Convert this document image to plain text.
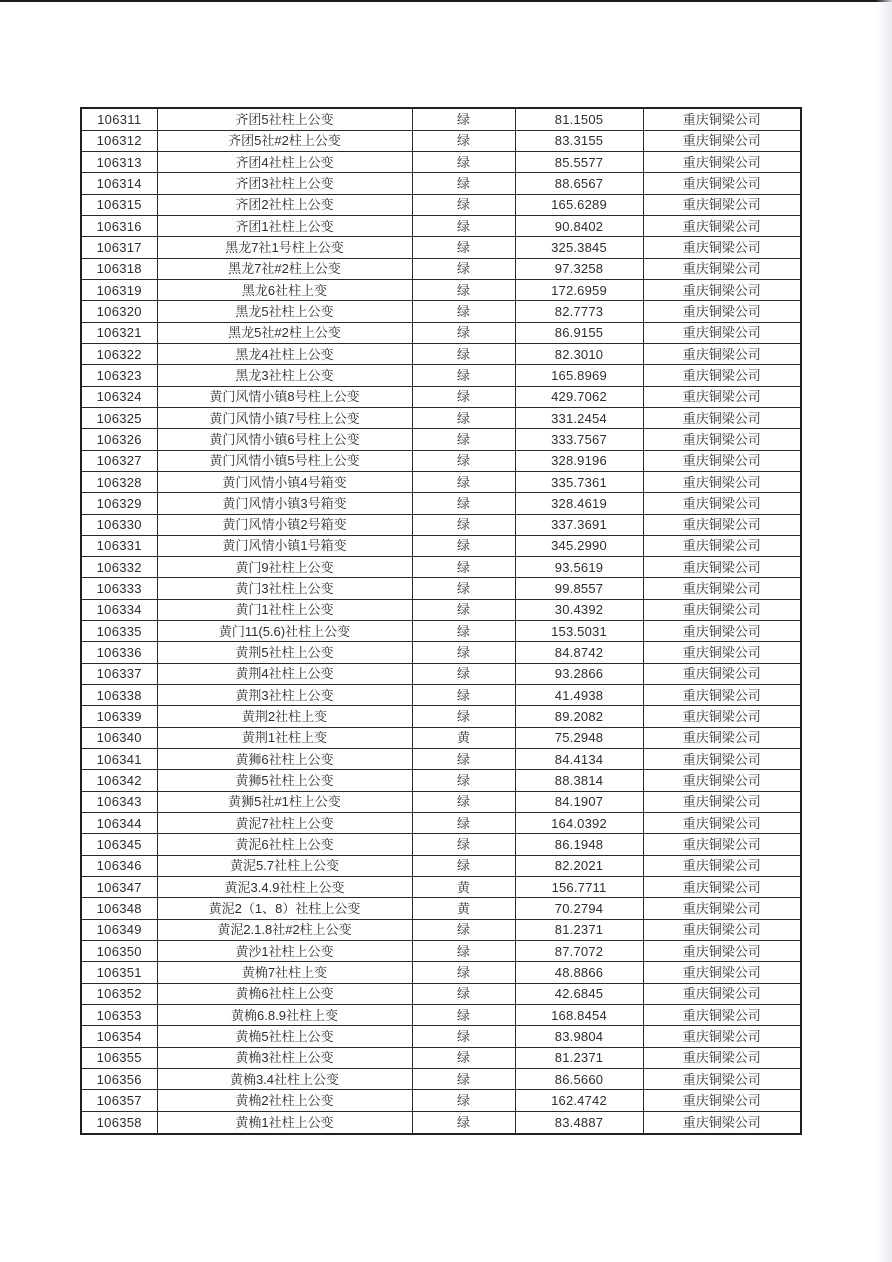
106311	齐团5社柱上公变	绿	81.1505	重庆铜梁公司
106312	齐团5社#2柱上公变	绿	83.3155	重庆铜梁公司
106313	齐团4社柱上公变	绿	85.5577	重庆铜梁公司
106314	齐团3社柱上公变	绿	88.6567	重庆铜梁公司
106315	齐团2社柱上公变	绿	165.6289	重庆铜梁公司
106316	齐团1社柱上公变	绿	90.8402	重庆铜梁公司
106317	黑龙7社1号柱上公变	绿	325.3845	重庆铜梁公司
106318	黑龙7社#2柱上公变	绿	97.3258	重庆铜梁公司
106319	黑龙6社柱上变	绿	172.6959	重庆铜梁公司
106320	黑龙5社柱上公变	绿	82.7773	重庆铜梁公司
106321	黑龙5社#2柱上公变	绿	86.9155	重庆铜梁公司
106322	黑龙4社柱上公变	绿	82.3010	重庆铜梁公司
106323	黑龙3社柱上公变	绿	165.8969	重庆铜梁公司
106324	黄门风情小镇8号柱上公变	绿	429.7062	重庆铜梁公司
106325	黄门风情小镇7号柱上公变	绿	331.2454	重庆铜梁公司
106326	黄门风情小镇6号柱上公变	绿	333.7567	重庆铜梁公司
106327	黄门风情小镇5号柱上公变	绿	328.9196	重庆铜梁公司
106328	黄门风情小镇4号箱变	绿	335.7361	重庆铜梁公司
106329	黄门风情小镇3号箱变	绿	328.4619	重庆铜梁公司
106330	黄门风情小镇2号箱变	绿	337.3691	重庆铜梁公司
106331	黄门风情小镇1号箱变	绿	345.2990	重庆铜梁公司
106332	黄门9社柱上公变	绿	93.5619	重庆铜梁公司
106333	黄门3社柱上公变	绿	99.8557	重庆铜梁公司
106334	黄门1社柱上公变	绿	30.4392	重庆铜梁公司
106335	黄门11(5.6)社柱上公变	绿	153.5031	重庆铜梁公司
106336	黄荆5社柱上公变	绿	84.8742	重庆铜梁公司
106337	黄荆4社柱上公变	绿	93.2866	重庆铜梁公司
106338	黄荆3社柱上公变	绿	41.4938	重庆铜梁公司
106339	黄荆2社柱上变	绿	89.2082	重庆铜梁公司
106340	黄荆1社柱上变	黄	75.2948	重庆铜梁公司
106341	黄狮6社柱上公变	绿	84.4134	重庆铜梁公司
106342	黄狮5社柱上公变	绿	88.3814	重庆铜梁公司
106343	黄狮5社#1柱上公变	绿	84.1907	重庆铜梁公司
106344	黄泥7社柱上公变	绿	164.0392	重庆铜梁公司
106345	黄泥6社柱上公变	绿	86.1948	重庆铜梁公司
106346	黄泥5.7社柱上公变	绿	82.2021	重庆铜梁公司
106347	黄泥3.4.9社柱上公变	黄	156.7711	重庆铜梁公司
106348	黄泥2（1、8）社柱上公变	黄	70.2794	重庆铜梁公司
106349	黄泥2.1.8社#2柱上公变	绿	81.2371	重庆铜梁公司
106350	黄沙1社柱上公变	绿	87.7072	重庆铜梁公司
106351	黄桷7社柱上变	绿	48.8866	重庆铜梁公司
106352	黄桷6社柱上公变	绿	42.6845	重庆铜梁公司
106353	黄桷6.8.9社柱上变	绿	168.8454	重庆铜梁公司
106354	黄桷5社柱上公变	绿	83.9804	重庆铜梁公司
106355	黄桷3社柱上公变	绿	81.2371	重庆铜梁公司
106356	黄桷3.4社柱上公变	绿	86.5660	重庆铜梁公司
106357	黄桷2社柱上公变	绿	162.4742	重庆铜梁公司
106358	黄桷1社柱上公变	绿	83.4887	重庆铜梁公司
